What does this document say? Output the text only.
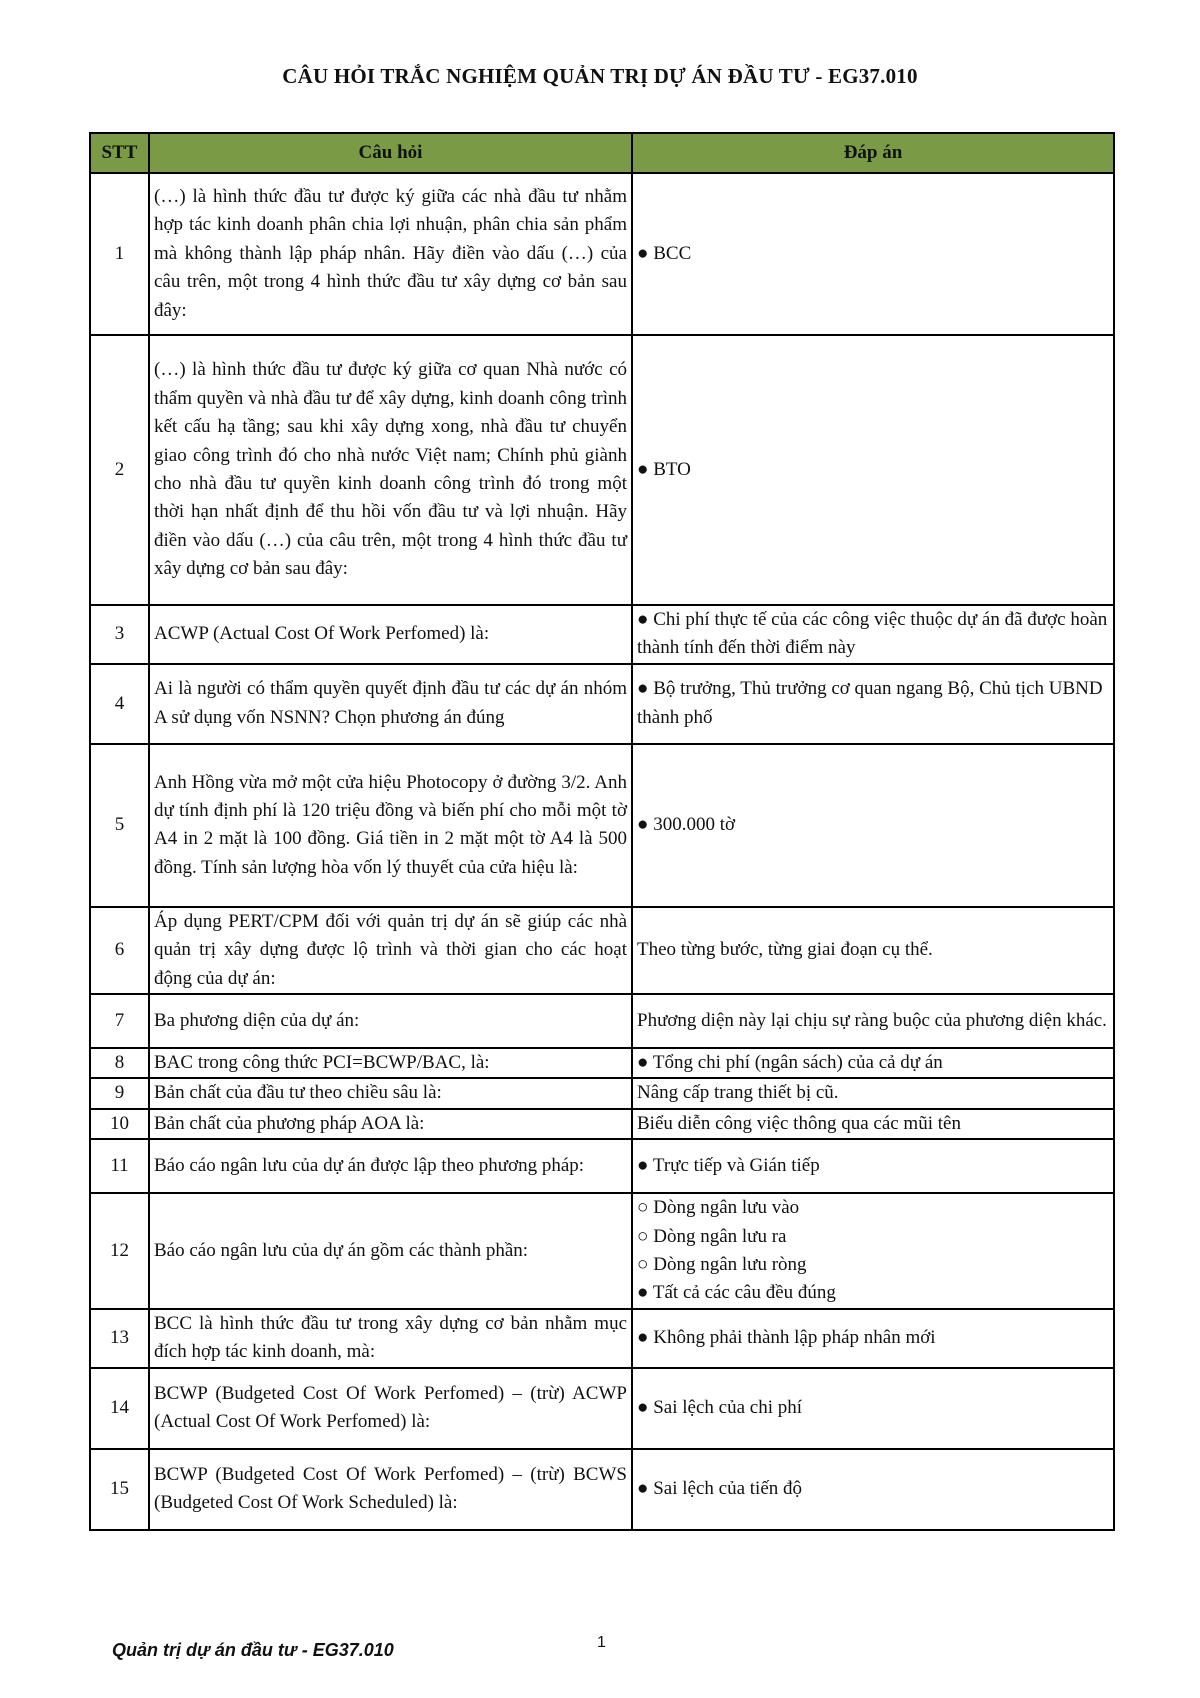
CÂU HỎI TRẮC NGHIỆM QUẢN TRỊ DỰ ÁN ĐẦU TƯ - EG37.010
STT	Câu hỏi	Đáp án
1	(…) là hình thức đầu tư được ký giữa các nhà đầu tư nhằm hợp tác kinh doanh phân chia lợi nhuận, phân chia sản phẩm mà không thành lập pháp nhân. Hãy điền vào dấu (…) của câu trên, một trong 4 hình thức đầu tư xây dựng cơ bản sau đây:	● BCC

2	(…) là hình thức đầu tư được ký giữa cơ quan Nhà nước có thẩm quyền và nhà đầu tư để xây dựng, kinh doanh công trình kết cấu hạ tầng; sau khi xây dựng xong, nhà đầu tư chuyển giao công trình đó cho nhà nước Việt nam; Chính phủ giành cho nhà đầu tư quyền kinh doanh công trình đó trong một thời hạn nhất định để thu hồi vốn đầu tư và lợi nhuận. Hãy điền vào dấu (…) của câu trên, một trong 4 hình thức đầu tư xây dựng cơ bản sau đây:	● BTO

3	ACWP (Actual Cost Of Work Perfomed) là:	● Chi phí thực tế của các công việc thuộc dự án đã được hoàn thành tính đến thời điểm này

4	Ai là người có thẩm quyền quyết định đầu tư các dự án nhóm A sử dụng vốn NSNN? Chọn phương án đúng	● Bộ trưởng, Thủ trưởng cơ quan ngang Bộ, Chủ tịch UBND thành phố

5	Anh Hồng vừa mở một cửa hiệu Photocopy ở đường 3/2. Anh dự tính định phí là 120 triệu đồng và biến phí cho mỗi một tờ A4 in 2 mặt là 100 đồng. Giá tiền in 2 mặt một tờ A4 là 500 đồng. Tính sản lượng hòa vốn lý thuyết của cửa hiệu là:	● 300.000 tờ

6	Áp dụng PERT/CPM đối với quản trị dự án sẽ giúp các nhà quản trị xây dựng được lộ trình và thời gian cho các hoạt động của dự án:	Theo từng bước, từng giai đoạn cụ thể.

7	Ba phương diện của dự án:	Phương diện này lại chịu sự ràng buộc của phương diện khác.

8	BAC trong công thức PCI=BCWP/BAC, là:	● Tổng chi phí (ngân sách) của cả dự án

9	Bản chất của đầu tư theo chiều sâu là:	Nâng cấp trang thiết bị cũ.

10	Bản chất của phương pháp AOA là:	Biểu diễn công việc thông qua các mũi tên

11	Báo cáo ngân lưu của dự án được lập theo phương pháp:	● Trực tiếp và Gián tiếp

12	Báo cáo ngân lưu của dự án gồm các thành phần:	○ Dòng ngân lưu vào
○ Dòng ngân lưu ra
○ Dòng ngân lưu ròng
● Tất cả các câu đều đúng

13	BCC là hình thức đầu tư trong xây dựng cơ bản nhằm mục đích hợp tác kinh doanh, mà:	● Không phải thành lập pháp nhân mới

14	BCWP (Budgeted Cost Of Work Perfomed) – (trừ) ACWP (Actual Cost Of Work Perfomed) là:	● Sai lệch của chi phí

15	BCWP (Budgeted Cost Of Work Perfomed) – (trừ) BCWS (Budgeted Cost Of Work Scheduled) là:	● Sai lệch của tiến độ
Quản trị dự án đầu tư - EG37.010	1
